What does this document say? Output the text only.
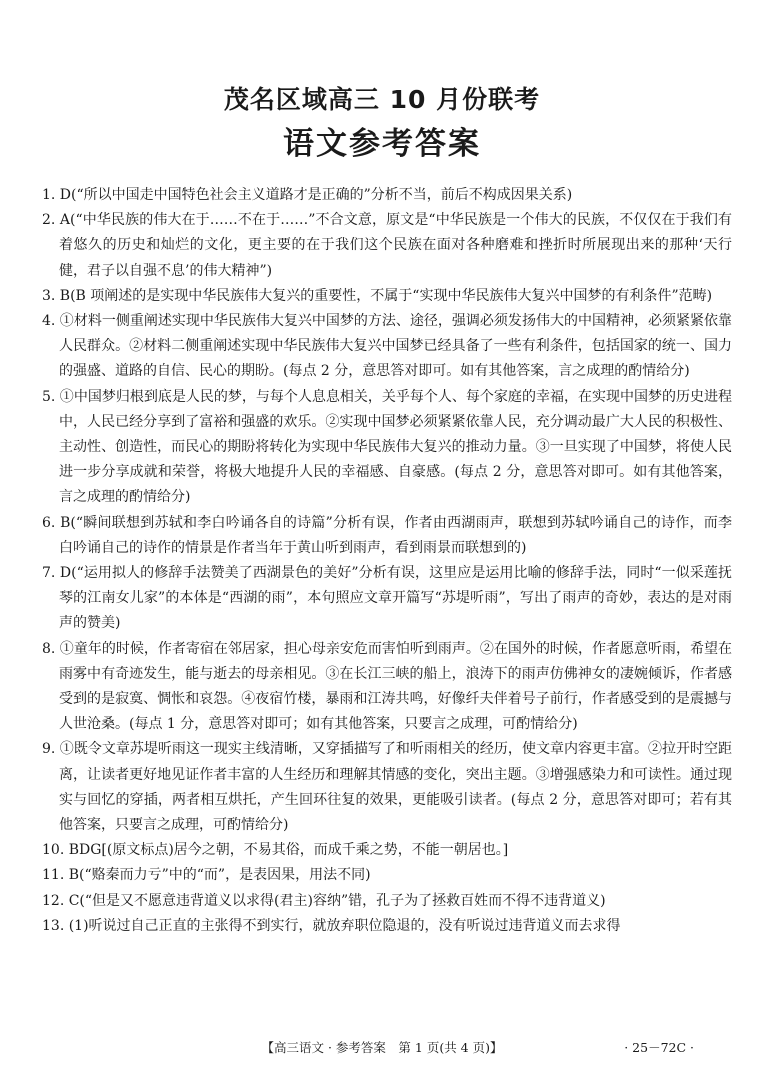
茂名区域高三 10 月份联考
语文参考答案

1. D(“所以中国走中国特色社会主义道路才是正确的”分析不当，前后不构成因果关系)

2. A(“中华民族的伟大在于……不在于……”不合文意，原文是“中华民族是一个伟大的民族，不仅仅在于我们有着悠久的历史和灿烂的文化，更主要的在于我们这个民族在面对各种磨难和挫折时所展现出来的那种‘天行健，君子以自强不息’的伟大精神”)

3. B(B 项阐述的是实现中华民族伟大复兴的重要性，不属于“实现中华民族伟大复兴中国梦的有利条件”范畴)

4. ①材料一侧重阐述实现中华民族伟大复兴中国梦的方法、途径，强调必须发扬伟大的中国精神，必须紧紧依靠人民群众。②材料二侧重阐述实现中华民族伟大复兴中国梦已经具备了一些有利条件，包括国家的统一、国力的强盛、道路的自信、民心的期盼。(每点 2 分，意思答对即可。如有其他答案，言之成理的酌情给分)

5. ①中国梦归根到底是人民的梦，与每个人息息相关，关乎每个人、每个家庭的幸福，在实现中国梦的历史进程中，人民已经分享到了富裕和强盛的欢乐。②实现中国梦必须紧紧依靠人民，充分调动最广大人民的积极性、主动性、创造性，而民心的期盼将转化为实现中华民族伟大复兴的推动力量。③一旦实现了中国梦，将使人民进一步分享成就和荣誉，将极大地提升人民的幸福感、自豪感。(每点 2 分，意思答对即可。如有其他答案，言之成理的酌情给分)

6. B(“瞬间联想到苏轼和李白吟诵各自的诗篇”分析有误，作者由西湖雨声，联想到苏轼吟诵自己的诗作，而李白吟诵自己的诗作的情景是作者当年于黄山听到雨声，看到雨景而联想到的)

7. D(“运用拟人的修辞手法赞美了西湖景色的美好”分析有误，这里应是运用比喻的修辞手法，同时“一似采莲抚琴的江南女儿家”的本体是“西湖的雨”，本句照应文章开篇写“苏堤听雨”，写出了雨声的奇妙，表达的是对雨声的赞美)

8. ①童年的时候，作者寄宿在邻居家，担心母亲安危而害怕听到雨声。②在国外的时候，作者愿意听雨，希望在雨雾中有奇迹发生，能与逝去的母亲相见。③在长江三峡的船上，浪涛下的雨声仿佛神女的凄婉倾诉，作者感受到的是寂寞、惆怅和哀怨。④夜宿竹楼，暴雨和江涛共鸣，好像纤夫伴着号子前行，作者感受到的是震撼与人世沧桑。(每点 1 分，意思答对即可；如有其他答案，只要言之成理，可酌情给分)

9. ①既令文章苏堤听雨这一现实主线清晰，又穿插描写了和听雨相关的经历，使文章内容更丰富。②拉开时空距离，让读者更好地见证作者丰富的人生经历和理解其情感的变化，突出主题。③增强感染力和可读性。通过现实与回忆的穿插，两者相互烘托，产生回环往复的效果，更能吸引读者。(每点 2 分，意思答对即可；若有其他答案，只要言之成理，可酌情给分)

10. BDG[(原文标点)居今之朝，不易其俗，而成千乘之势，不能一朝居也。]

11. B(“赂秦而力亏”中的“而”，是表因果，用法不同)

12. C(“但是又不愿意违背道义以求得(君主)容纳”错，孔子为了拯救百姓而不得不违背道义)

13. (1)听说过自己正直的主张得不到实行，就放弃职位隐退的，没有听说过违背道义而去求得

【高三语文 · 参考答案　第 1 页(共 4 页)】	· 25－72C ·
